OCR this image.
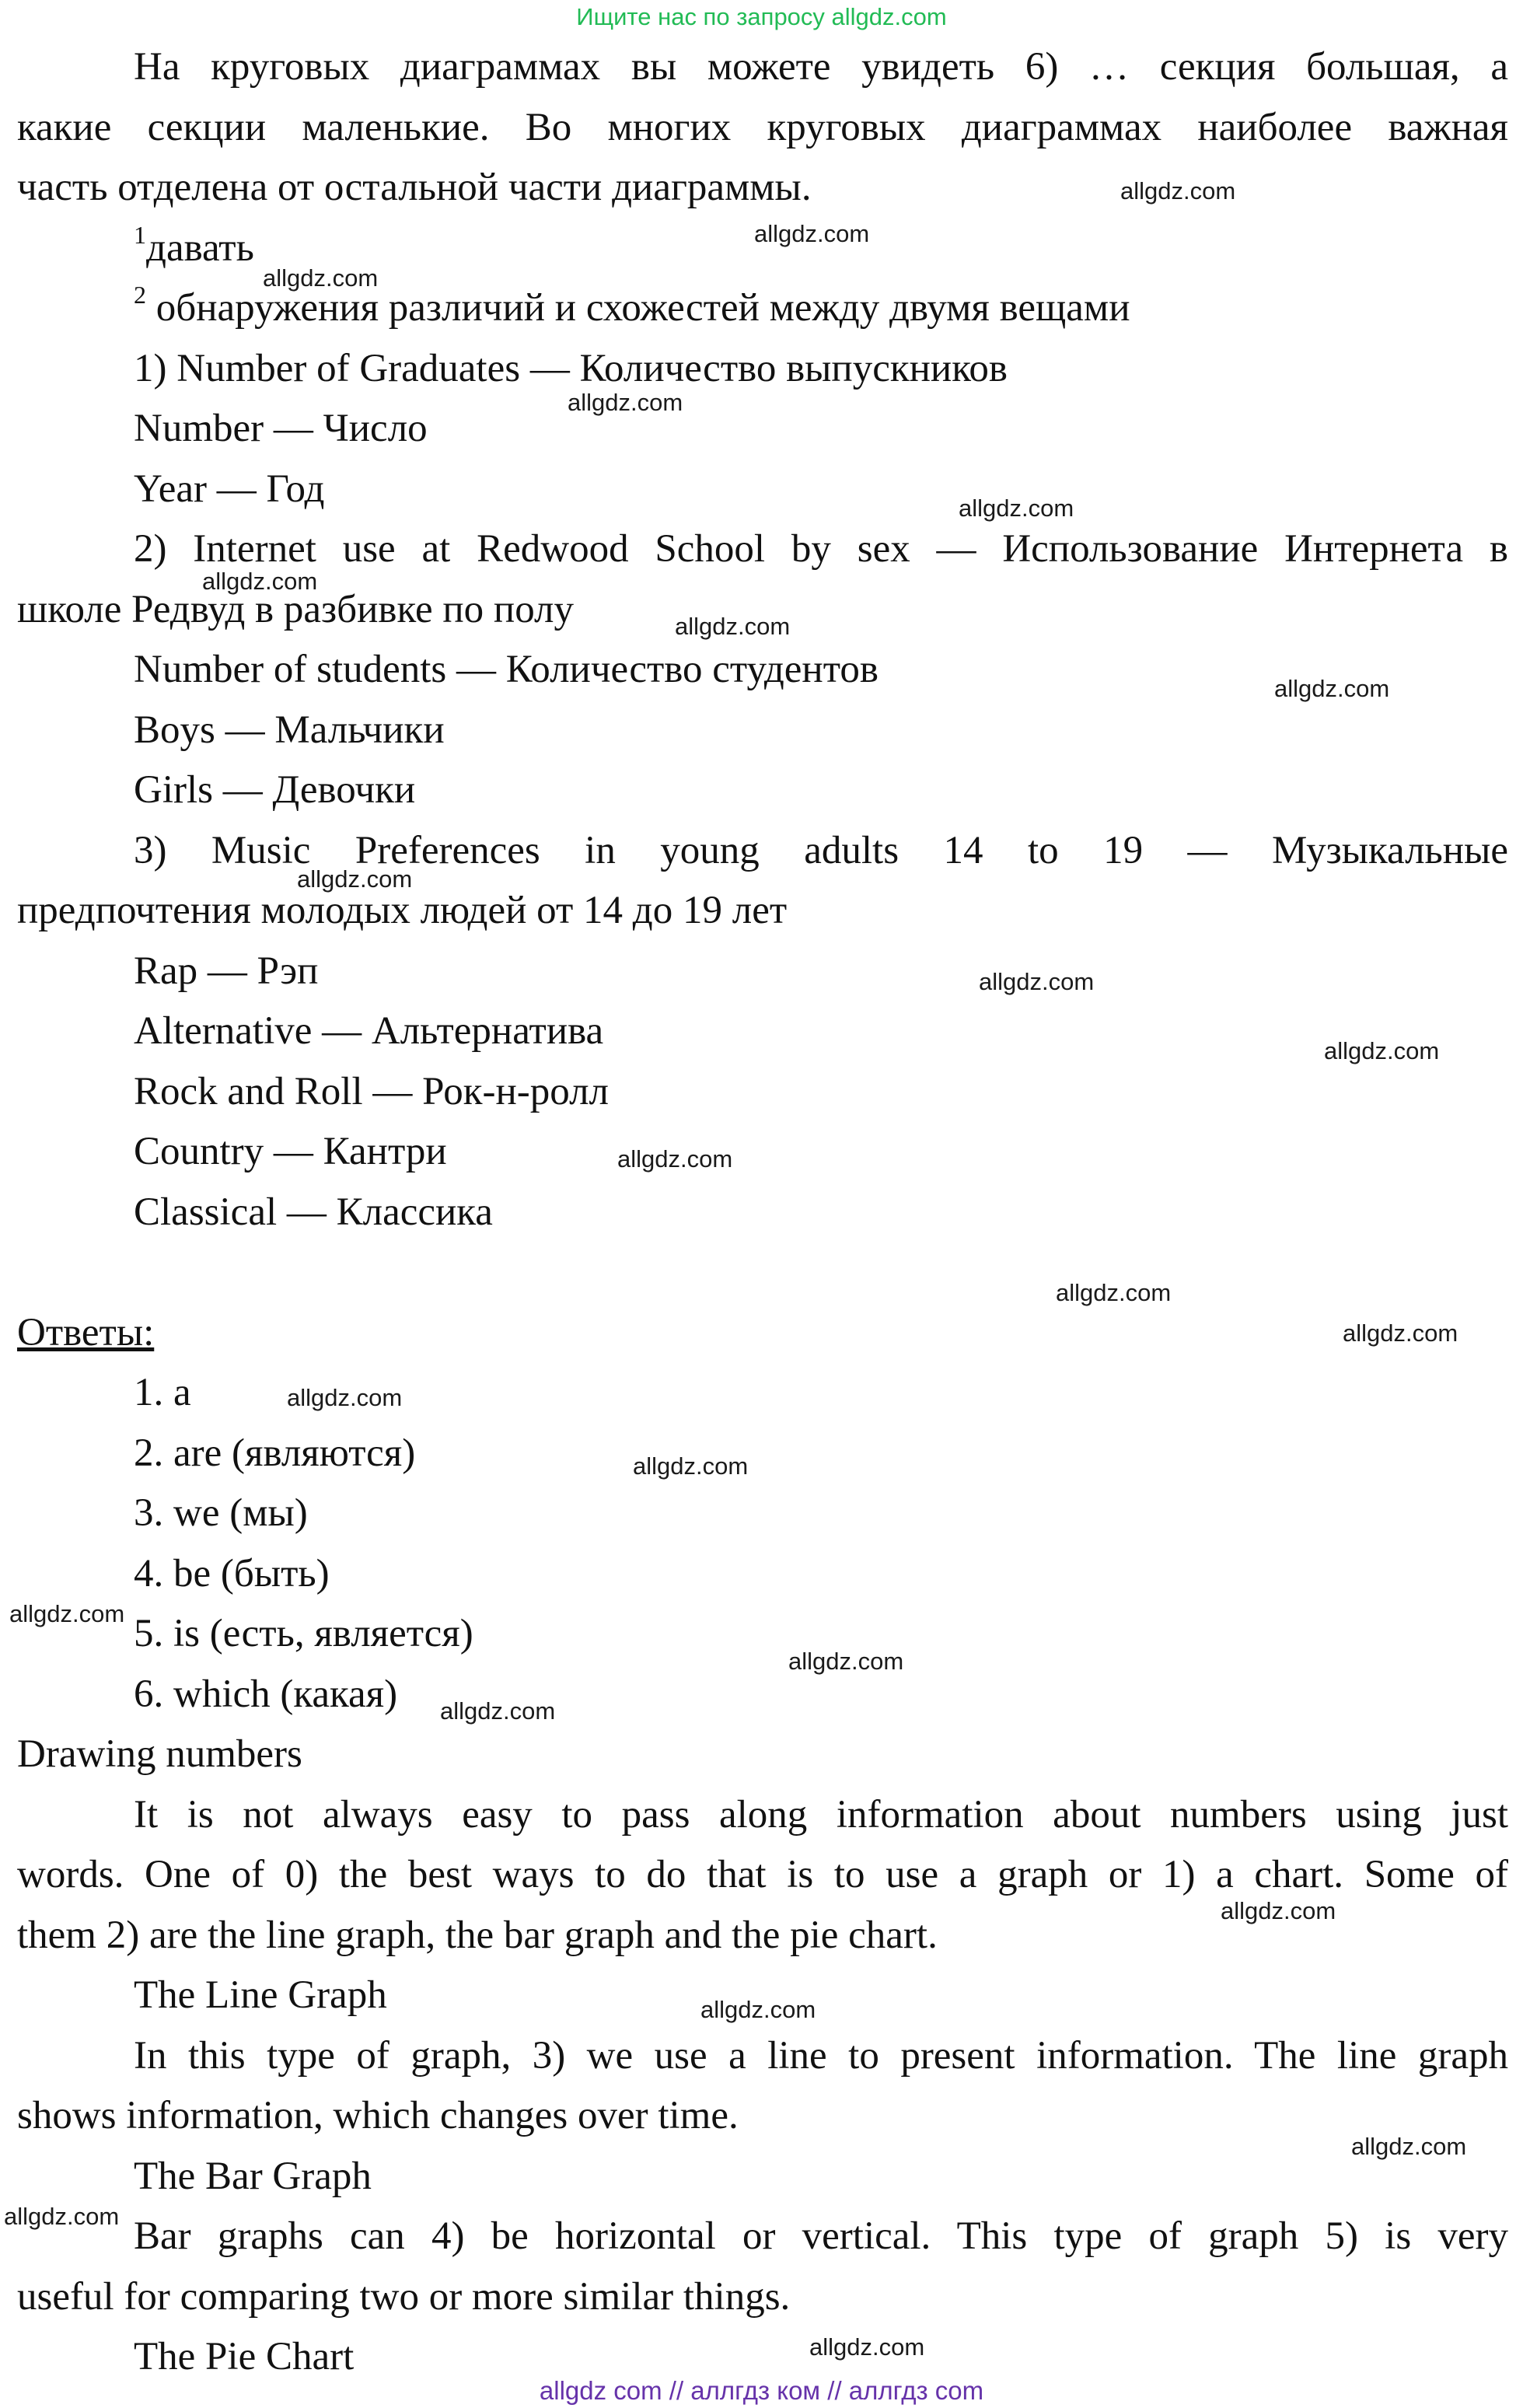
Ищите нас по запросу allgdz.com
На круговых диаграммах вы можете увидеть 6) … секция большая, а
какие секции маленькие. Во многих круговых диаграммах наиболее важная
часть отделена от остальной части диаграммы.
$^1$давать
$^2$ обнаружения различий и схожестей между двумя вещами
1) Number of Graduates — Количество выпускников
Number — Число
Year — Год
2) Internet use at Redwood School by sex — Использование Интернета в
школе Редвуд в разбивке по полу
Number of students — Количество студентов
Boys — Мальчики
Girls — Девочки
3) Music Preferences in young adults 14 to 19 — Музыкальные
предпочтения молодых людей от 14 до 19 лет
Rap — Рэп
Alternative — Альтернатива
Rock and Roll — Рок-н-ролл
Country — Кантри
Classical — Классика
Ответы:
1. a
2. are (являются)
3. we (мы)
4. be (быть)
5. is (есть, является)
6. which (какая)
Drawing numbers
It is not always easy to pass along information about numbers using just
words. One of 0) the best ways to do that is to use a graph or 1) a chart. Some of
them 2) are the line graph, the bar graph and the pie chart.
The Line Graph
In this type of graph, 3) we use a line to present information. The line graph
shows information, which changes over time.
The Bar Graph
Bar graphs can 4) be horizontal or vertical. This type of graph 5) is very
useful for comparing two or more similar things.
The Pie Chart
allgdz.com
allgdz.com
allgdz.com
allgdz.com
allgdz.com
allgdz.com
allgdz.com
allgdz.com
allgdz.com
allgdz.com
allgdz.com
allgdz.com
allgdz.com
allgdz.com
allgdz.com
allgdz.com
allgdz.com
allgdz.com
allgdz.com
allgdz.com
allgdz.com
allgdz.com
allgdz.com
allgdz.com
allgdz com // аллгдз ком // аллгдз com
